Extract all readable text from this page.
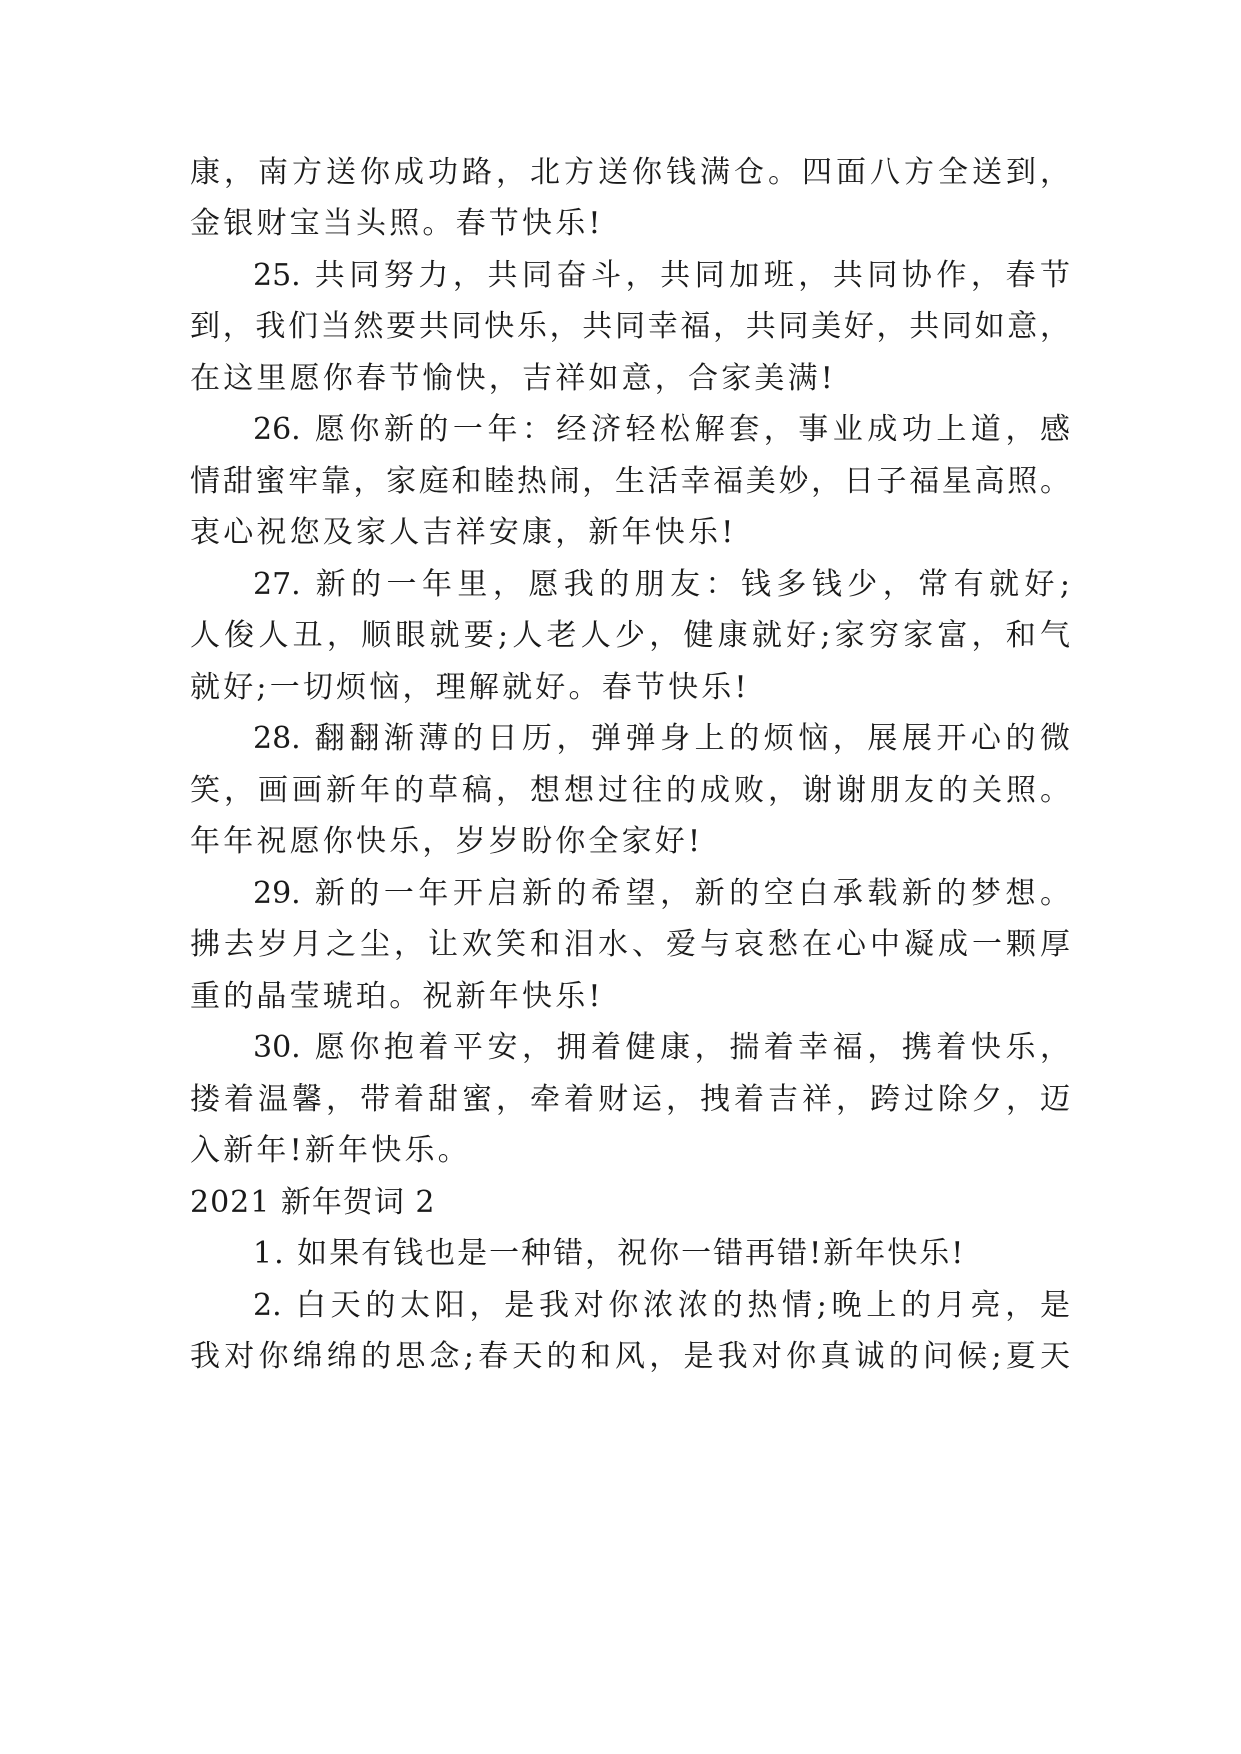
康，南方送你成功路，北方送你钱满仓。四面八方全送到，
金银财宝当头照。春节快乐!
25. 共同努力，共同奋斗，共同加班，共同协作，春节
到，我们当然要共同快乐，共同幸福，共同美好，共同如意，
在这里愿你春节愉快，吉祥如意，合家美满!
26. 愿你新的一年：经济轻松解套，事业成功上道，感
情甜蜜牢靠，家庭和睦热闹，生活幸福美妙，日子福星高照。
衷心祝您及家人吉祥安康，新年快乐!
27. 新的一年里，愿我的朋友：钱多钱少，常有就好;
人俊人丑，顺眼就要;人老人少，健康就好;家穷家富，和气
就好;一切烦恼，理解就好。春节快乐!
28. 翻翻渐薄的日历，弹弹身上的烦恼，展展开心的微
笑，画画新年的草稿，想想过往的成败，谢谢朋友的关照。
年年祝愿你快乐，岁岁盼你全家好!
29. 新的一年开启新的希望，新的空白承载新的梦想。
拂去岁月之尘，让欢笑和泪水、爱与哀愁在心中凝成一颗厚
重的晶莹琥珀。祝新年快乐!
30. 愿你抱着平安，拥着健康，揣着幸福，携着快乐，
搂着温馨，带着甜蜜，牵着财运，拽着吉祥，跨过除夕，迈
入新年!新年快乐。
2021 新年贺词 2
1. 如果有钱也是一种错，祝你一错再错!新年快乐!
2. 白天的太阳，是我对你浓浓的热情;晚上的月亮，是
我对你绵绵的思念;春天的和风，是我对你真诚的问候;夏天
